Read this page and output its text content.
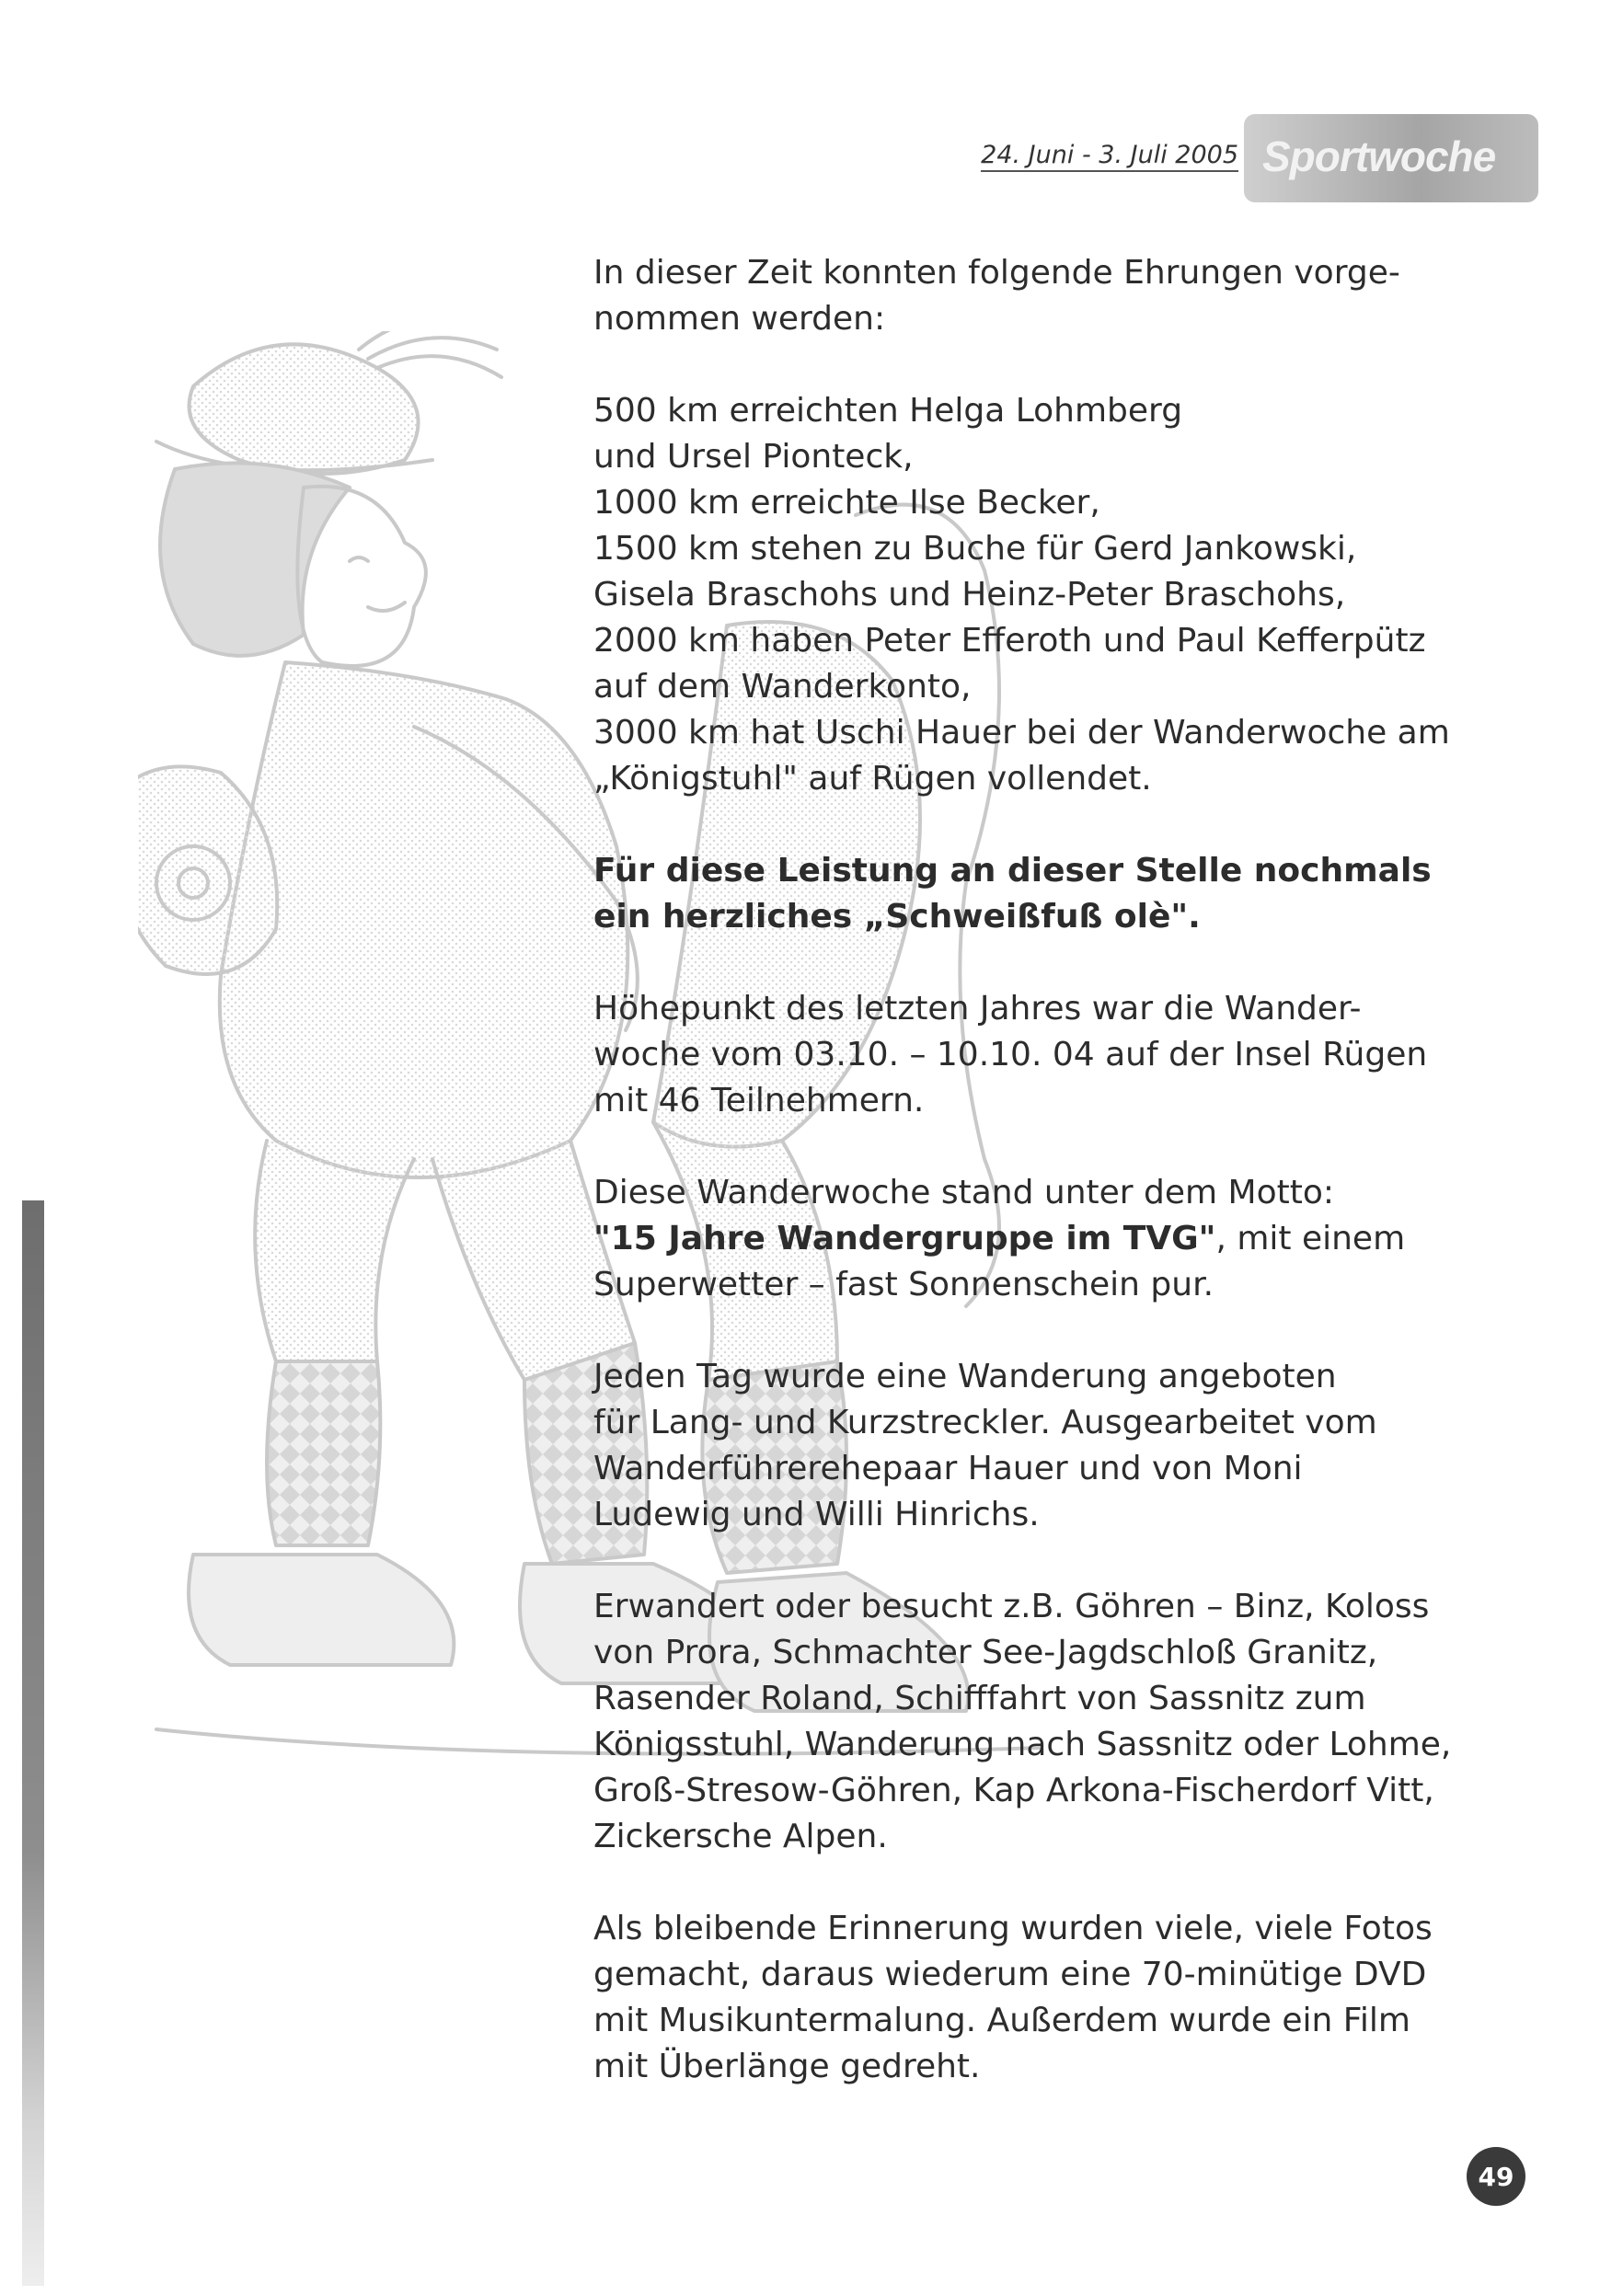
24. Juni - 3. Juli 2005 Sportwoche

In dieser Zeit konnten folgende Ehrungen vorge-
nommen werden:

500 km erreichten Helga Lohmberg
und Ursel Pionteck,
1000 km erreichte Ilse Becker,
1500 km stehen zu Buche für Gerd Jankowski,
Gisela Braschohs und Heinz-Peter Braschohs,
2000 km haben Peter Efferoth und Paul Kefferpütz
auf dem Wanderkonto,
3000 km hat Uschi Hauer bei der Wanderwoche am
„Königstuhl" auf Rügen vollendet.

Für diese Leistung an dieser Stelle nochmals
ein herzliches „Schweißfuß olè".

Höhepunkt des letzten Jahres war die Wander-
woche vom 03.10. – 10.10. 04 auf der Insel Rügen
mit 46 Teilnehmern.

Diese Wanderwoche stand unter dem Motto:
"15 Jahre Wandergruppe im TVG", mit einem
Superwetter – fast Sonnenschein pur.

Jeden Tag wurde eine Wanderung angeboten
für Lang- und Kurzstreckler. Ausgearbeitet vom
Wanderführerehepaar Hauer und von Moni
Ludewig und Willi Hinrichs.

Erwandert oder besucht z.B. Göhren – Binz, Koloss
von Prora, Schmachter See-Jagdschloß Granitz,
Rasender Roland, Schifffahrt von Sassnitz zum
Königsstuhl, Wanderung nach Sassnitz oder Lohme,
Groß-Stresow-Göhren, Kap Arkona-Fischerdorf Vitt,
Zickersche Alpen.

Als bleibende Erinnerung wurden viele, viele Fotos
gemacht, daraus wiederum eine 70-minütige DVD
mit Musikuntermalung. Außerdem wurde ein Film
mit Überlänge gedreht.

49
